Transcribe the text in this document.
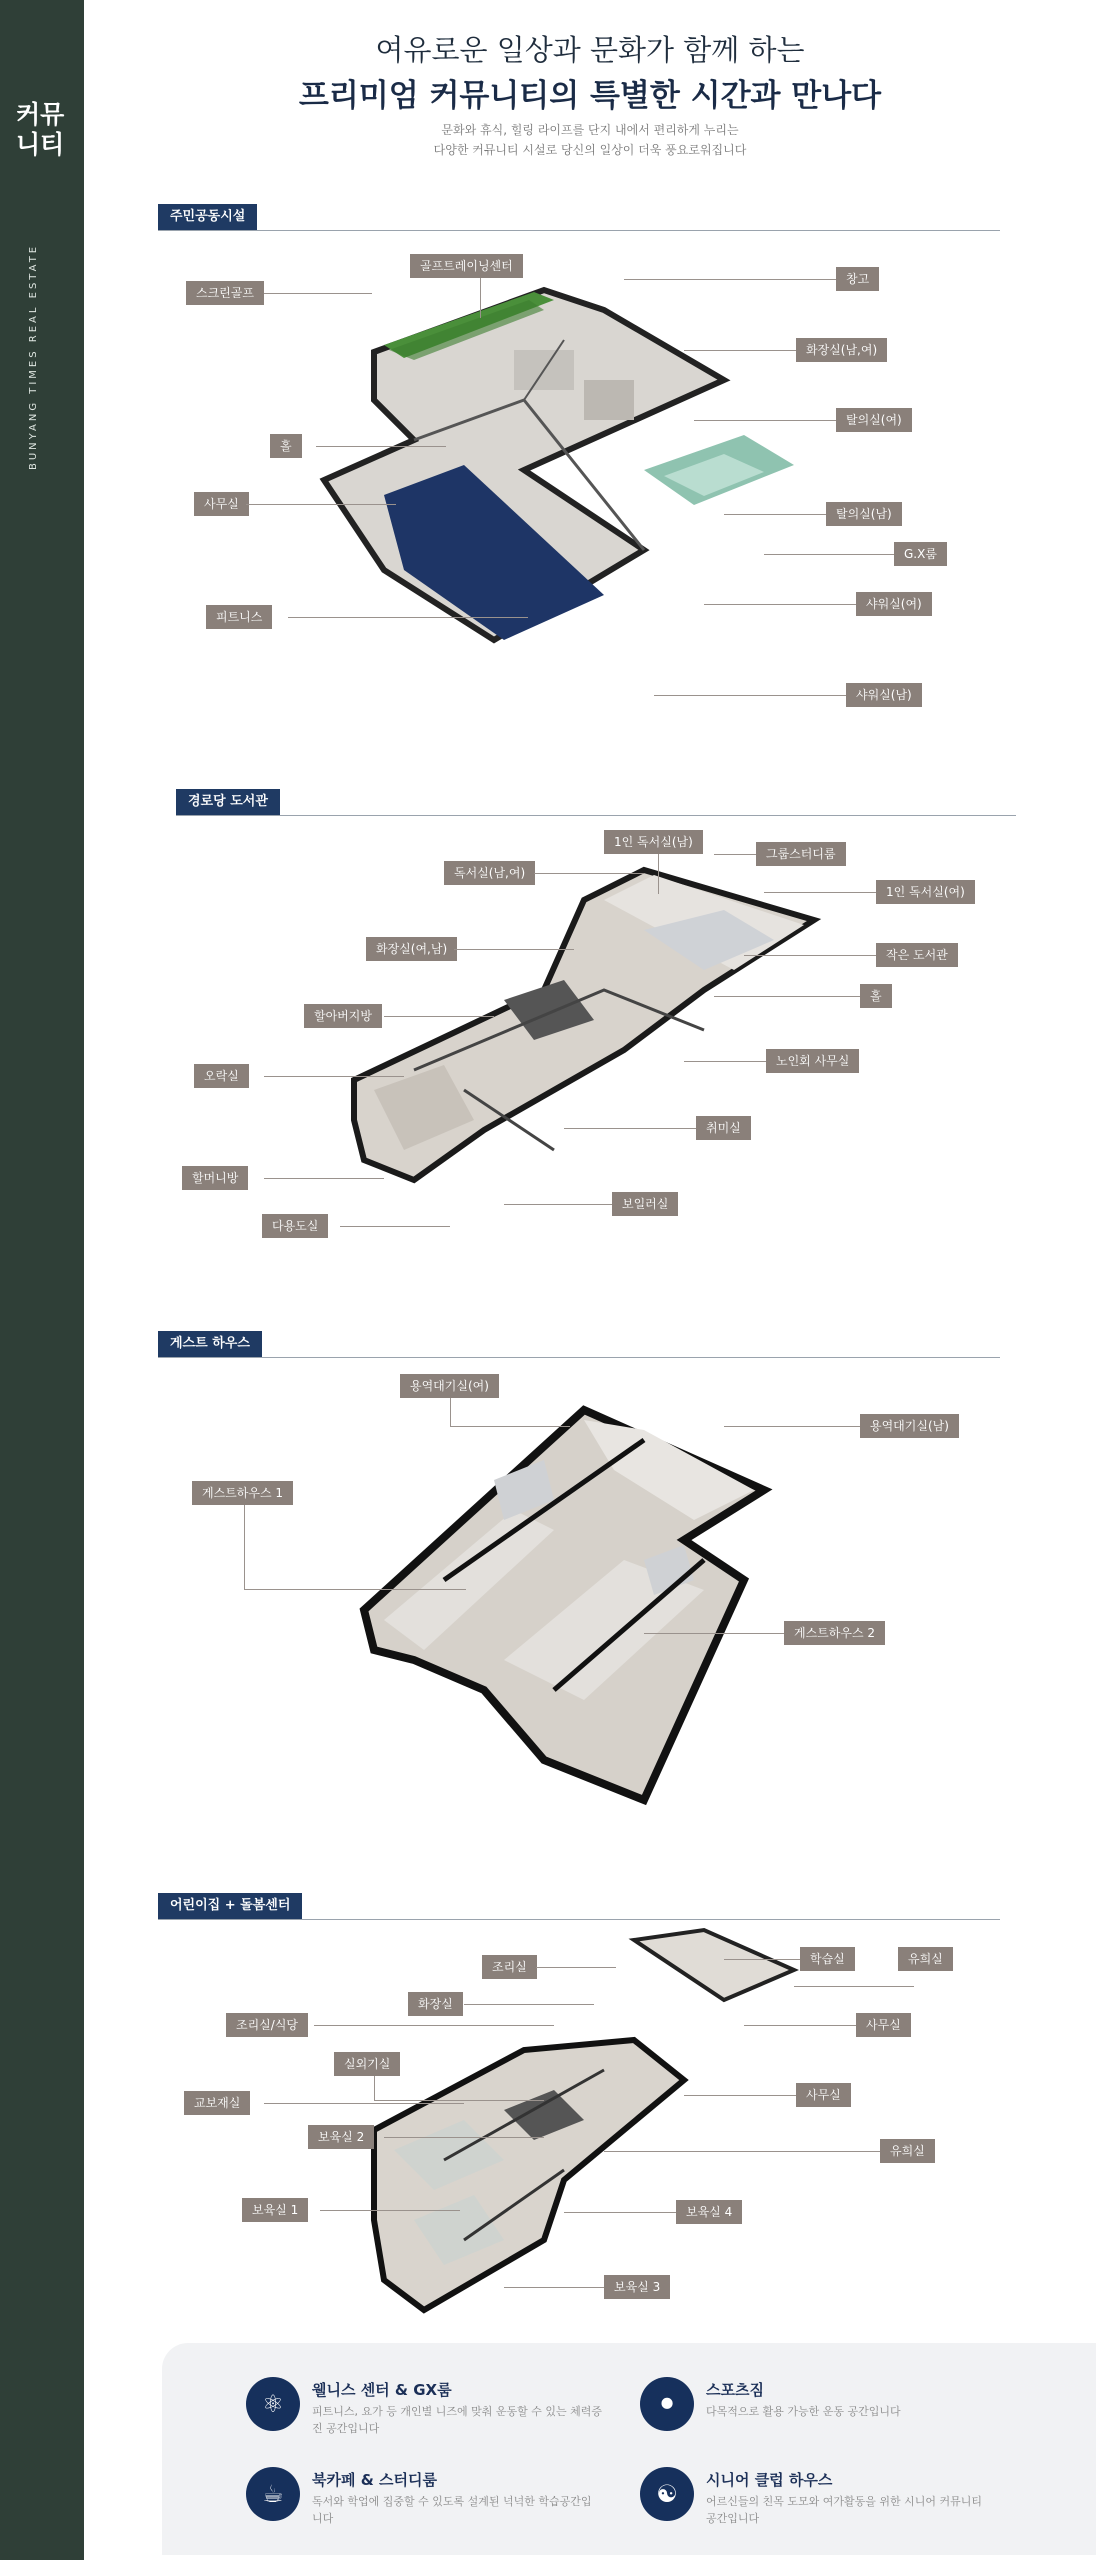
커뮤
니티
BUNYANG TIMES REAL ESTATE
여유로운 일상과 문화가 함께 하는
프리미엄 커뮤니티의 특별한 시간과 만나다
문화와 휴식, 힐링 라이프를 단지 내에서 편리하게 누리는
다양한 커뮤니티 시설로 당신의 일상이 더욱 풍요로워집니다
주민공동시설
골프트레이닝센터
스크린골프
창고
화장실(남,여)
탈의실(여)
홀
사무실
탈의실(남)
G.X룸
피트니스
샤워실(여)
샤워실(남)
경로당 도서관
1인 독서실(남)
독서실(남,여)
그룹스터디룸
1인 독서실(여)
화장실(여,남)	작은 도서관
할아버지방
홀
노인회 사무실
오락실
취미실
할머니방
보일러실
다용도실
게스트 하우스
용역대기실(여)
용역대기실(남)
게스트하우스 1
게스트하우스 2
어린이집 + 돌봄센터
조리실
학습실	유희실
화장실
사무실
조리실/식당
실외기실
사무실
교보재실
보육실 2
유희실
보육실 1	보육실 4
보육실 3
⚛	웰니스 센터 & GX룸
피트니스, 요가 등 개인별 니즈에 맞춰 운동할 수 있는 체력증진 공간입니다
⚫	스포츠짐
다목적으로 활용 가능한 운동 공간입니다
☕	북카페 & 스터디룸
독서와 학업에 집중할 수 있도록 설계된 넉넉한 학습공간입니다
☯	시니어 클럽 하우스
어르신들의 친목 도모와 여가활동을 위한 시니어 커뮤니티 공간입니다
